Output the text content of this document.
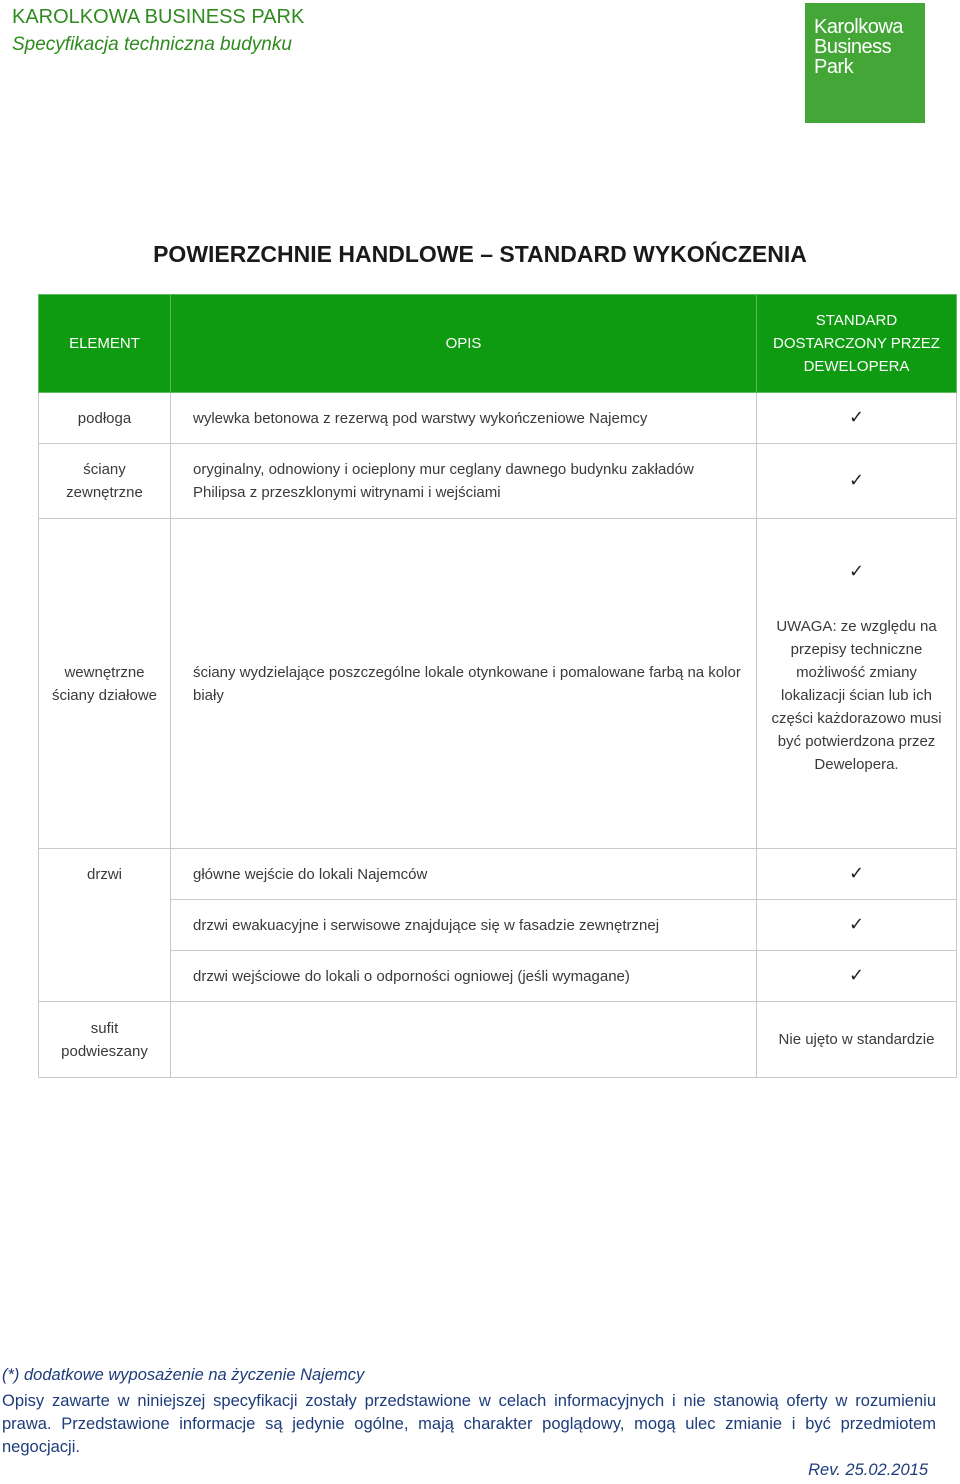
KAROLKOWA BUSINESS PARK
Specyfikacja techniczna budynku
Karolkowa
Business
Park
POWIERZCHNIE HANDLOWE – STANDARD WYKOŃCZENIA
ELEMENT	OPIS	STANDARD DOSTARCZONY PRZEZ DEWELOPERA
podłoga	wylewka betonowa z rezerwą pod warstwy wykończeniowe Najemcy	✓
ściany zewnętrzne	oryginalny, odnowiony i ocieplony mur ceglany dawnego budynku zakładów Philipsa z przeszklonymi witrynami i wejściami	✓
wewnętrzne ściany działowe	ściany wydzielające poszczególne lokale otynkowane i pomalowane farbą na kolor biały	✓
UWAGA: ze względu na przepisy techniczne możliwość zmiany lokalizacji ścian lub ich części każdorazowo musi być potwierdzona przez Dewelopera.

drzwi	główne wejście do lokali Najemców	✓
	drzwi ewakuacyjne i serwisowe znajdujące się w fasadzie zewnętrznej	✓
	drzwi wejściowe do lokali o odporności ogniowej (jeśli wymagane)	✓
sufit podwieszany		Nie ujęto w standardzie
(*) dodatkowe wyposażenie na życzenie Najemcy
Opisy zawarte w niniejszej specyfikacji zostały przedstawione w celach informacyjnych i nie stanowią oferty w rozumieniu prawa. Przedstawione informacje są jedynie ogólne, mają charakter poglądowy, mogą ulec zmianie i być przedmiotem negocjacji.
Rev. 25.02.2015
